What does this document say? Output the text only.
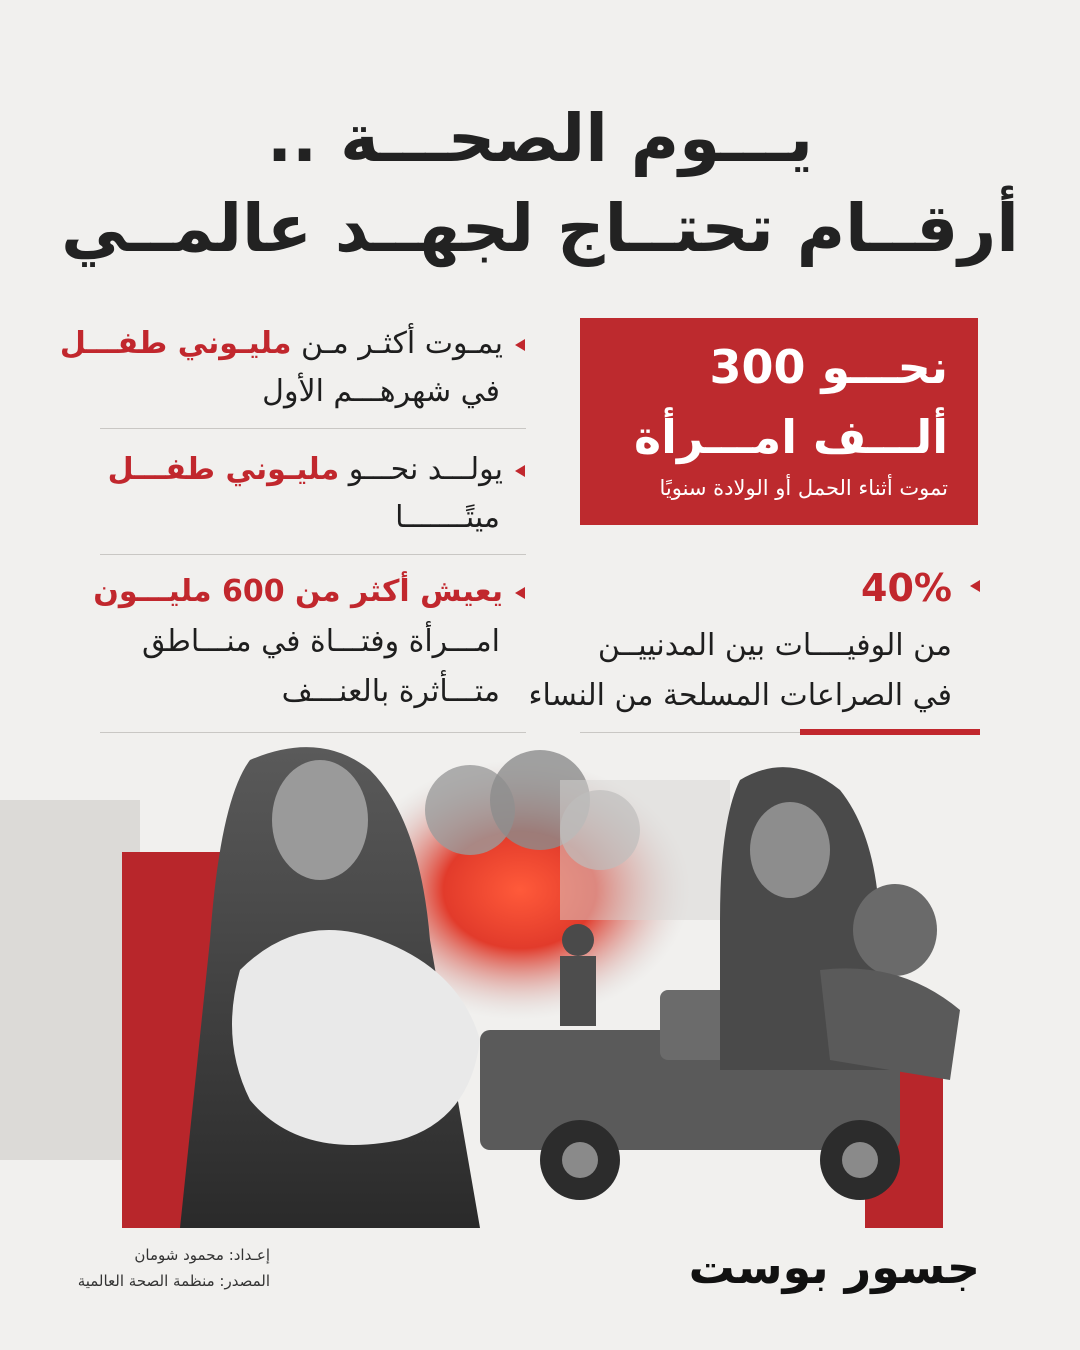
يـــوم الصحـــة ..
أرقــام تحتــاج لجهــد عالمــي
يمـوت أكثـر مـن مليـوني طفـــل
في شهرهـــم الأول
يولـــد نحـــو مليـوني طفـــل
ميتًـــــــا
يعيش أكثر من 600 مليـــون
امـــرأة وفتـــاة في منـــاطق
متـــأثرة بالعنـــف
نحـــو 300
ألـــف امـــرأة
تموت أثناء الحمل أو الولادة سنويًا
40%
من الوفيــــات بين المدنييــن
في الصراعات المسلحة من النساء
إعـداد: محمود شومان
المصدر: منظمة الصحة العالمية	جسور بوست
